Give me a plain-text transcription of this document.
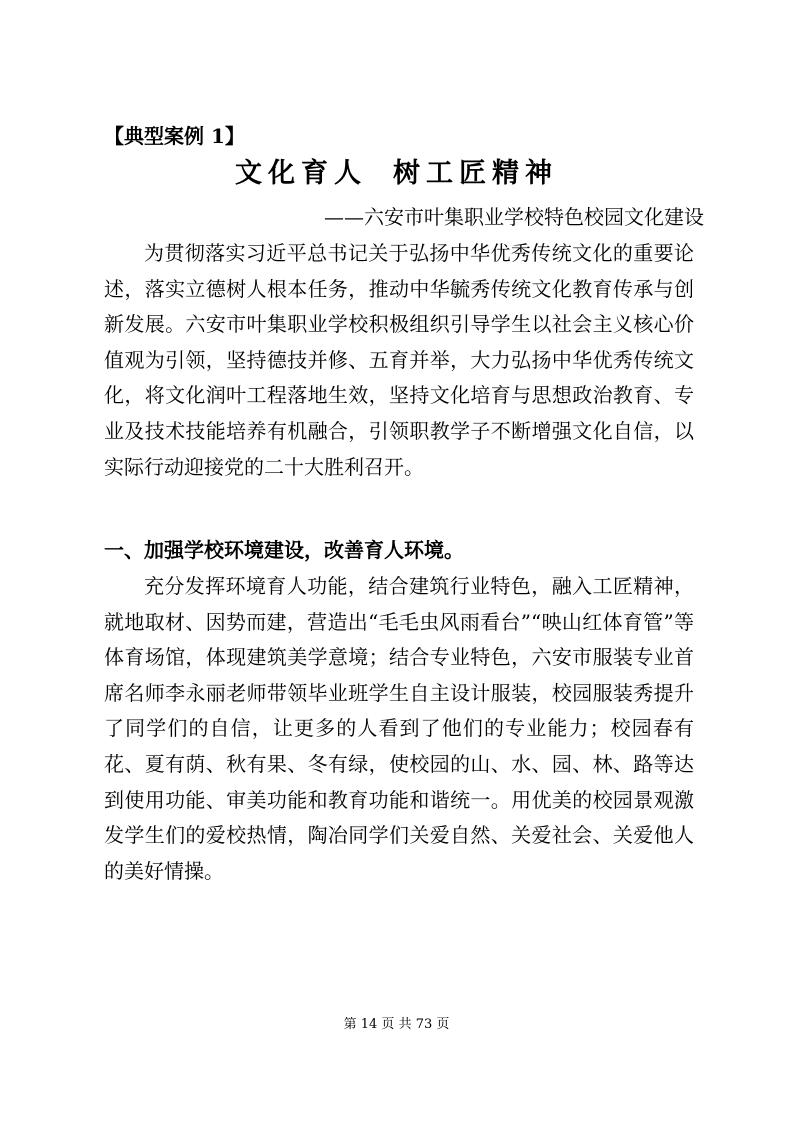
【典型案例 1】
文化育人 树工匠精神
——六安市叶集职业学校特色校园文化建设

为贯彻落实习近平总书记关于弘扬中华优秀传统文化的重要论述，落实立德树人根本任务，推动中华毓秀传统文化教育传承与创新发展。六安市叶集职业学校积极组织引导学生以社会主义核心价值观为引领，坚持德技并修、五育并举，大力弘扬中华优秀传统文化，将文化润叶工程落地生效，坚持文化培育与思想政治教育、专业及技术技能培养有机融合，引领职教学子不断增强文化自信，以实际行动迎接党的二十大胜利召开。

一、加强学校环境建设，改善育人环境。

充分发挥环境育人功能，结合建筑行业特色，融入工匠精神，就地取材、因势而建，营造出“毛毛虫风雨看台”“映山红体育管”等体育场馆，体现建筑美学意境；结合专业特色，六安市服装专业首席名师李永丽老师带领毕业班学生自主设计服装，校园服装秀提升了同学们的自信，让更多的人看到了他们的专业能力；校园春有花、夏有荫、秋有果、冬有绿，使校园的山、水、园、林、路等达到使用功能、审美功能和教育功能和谐统一。用优美的校园景观激发学生们的爱校热情，陶冶同学们关爱自然、关爱社会、关爱他人的美好情操。

第 14 页 共 73 页
